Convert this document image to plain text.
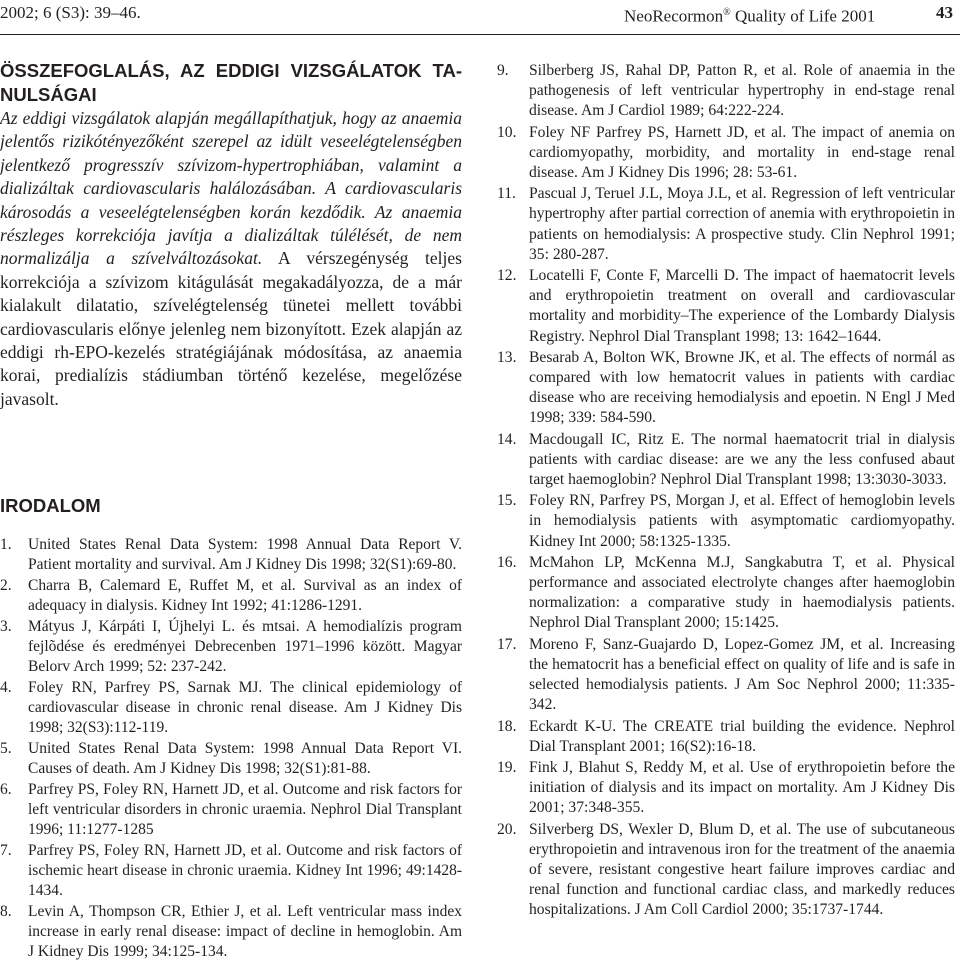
2002; 6 (S3): 39–46.	NeoRecormon® Quality of Life 2001	43
ÖSSZEFOGLALÁS, AZ EDDIGI VIZSGÁLATOK TA-NULSÁGAI

Az eddigi vizsgálatok alapján megállapíthatjuk, hogy az anaemia jelentős rizikótényezőként szerepel az idült veseelégtelenségben jelentkező progresszív szívizom-hypertrophiában, valamint a dializáltak cardiovascularis halálozásában. A cardiovascularis károsodás a veseelégtelenségben korán kezdődik. Az anaemia részleges korrekciója javítja a dializáltak túlélését, de nem normalizálja a szívelváltozásokat. A vérszegénység teljes korrekciója a szívizom kitágulását megakadályozza, de a már kialakult dilatatio, szívelégtelenség tünetei mellett további cardiovascularis előnye jelenleg nem bizonyított. Ezek alapján az eddigi rh-EPO-kezelés stratégiájának módosítása, az anaemia korai, predialízis stádiumban történő kezelése, megelőzése javasolt.

IRODALOM
1. United States Renal Data System: 1998 Annual Data Report V. Patient mortality and survival. Am J Kidney Dis 1998; 32(S1):69-80.
2. Charra B, Calemard E, Ruffet M, et al. Survival as an index of adequacy in dialysis. Kidney Int 1992; 41:1286-1291.
3. Mátyus J, Kárpáti I, Újhelyi L. és mtsai. A hemodialízis program fejlõdése és eredményei Debrecenben 1971–1996 között. Magyar Belorv Arch 1999; 52: 237-242.
4. Foley RN, Parfrey PS, Sarnak MJ. The clinical epidemiology of cardiovascular disease in chronic renal disease. Am J Kidney Dis 1998; 32(S3):112-119.
5. United States Renal Data System: 1998 Annual Data Report VI. Causes of death. Am J Kidney Dis 1998; 32(S1):81-88.
6. Parfrey PS, Foley RN, Harnett JD, et al. Outcome and risk factors for left ventricular disorders in chronic uraemia. Nephrol Dial Transplant 1996; 11:1277-1285
7. Parfrey PS, Foley RN, Harnett JD, et al. Outcome and risk factors of ischemic heart disease in chronic uraemia. Kidney Int 1996; 49:1428-1434.
8. Levin A, Thompson CR, Ethier J, et al. Left ventricular mass index increase in early renal disease: impact of decline in hemoglobin. Am J Kidney Dis 1999; 34:125-134.
9. Silberberg JS, Rahal DP, Patton R, et al. Role of anaemia in the pathogenesis of left ventricular hypertrophy in end-stage renal disease. Am J Cardiol 1989; 64:222-224.
10. Foley NF Parfrey PS, Harnett JD, et al. The impact of anemia on cardiomyopathy, morbidity, and mortality in end-stage renal disease. Am J Kidney Dis 1996; 28: 53-61.
11. Pascual J, Teruel J.L, Moya J.L, et al. Regression of left ventricular hypertrophy after partial correction of anemia with erythropoietin in patients on hemodialysis: A prospective study. Clin Nephrol 1991; 35: 280-287.
12. Locatelli F, Conte F, Marcelli D. The impact of haematocrit levels and erythropoietin treatment on overall and cardiovascular mortality and morbidity–The experience of the Lombardy Dialysis Registry. Nephrol Dial Transplant 1998; 13: 1642–1644.
13. Besarab A, Bolton WK, Browne JK, et al. The effects of normál as compared with low hematocrit values in patients with cardiac disease who are receiving hemodialysis and epoetin. N Engl J Med 1998; 339: 584-590.
14. Macdougall IC, Ritz E. The normal haematocrit trial in dialysis patients with cardiac disease: are we any the less confused abaut target haemoglobin? Nephrol Dial Transplant 1998; 13:3030-3033.
15. Foley RN, Parfrey PS, Morgan J, et al. Effect of hemoglobin levels in hemodialysis patients with asymptomatic cardiomyopathy. Kidney Int 2000; 58:1325-1335.
16. McMahon LP, McKenna M.J, Sangkabutra T, et al. Physical performance and associated electrolyte changes after haemoglobin normalization: a comparative study in haemodialysis patients. Nephrol Dial Transplant 2000; 15:1425.
17. Moreno F, Sanz-Guajardo D, Lopez-Gomez JM, et al. Increasing the hematocrit has a beneficial effect on quality of life and is safe in selected hemodialysis patients. J Am Soc Nephrol 2000; 11:335-342.
18. Eckardt K-U. The CREATE trial building the evidence. Nephrol Dial Transplant 2001; 16(S2):16-18.
19. Fink J, Blahut S, Reddy M, et al. Use of erythropoietin before the initiation of dialysis and its impact on mortality. Am J Kidney Dis 2001; 37:348-355.
20. Silverberg DS, Wexler D, Blum D, et al. The use of subcutaneous erythropoietin and intravenous iron for the treatment of the anaemia of severe, resistant congestive heart failure improves cardiac and renal function and functional cardiac class, and markedly reduces hospitalizations. J Am Coll Cardiol 2000; 35:1737-1744.
